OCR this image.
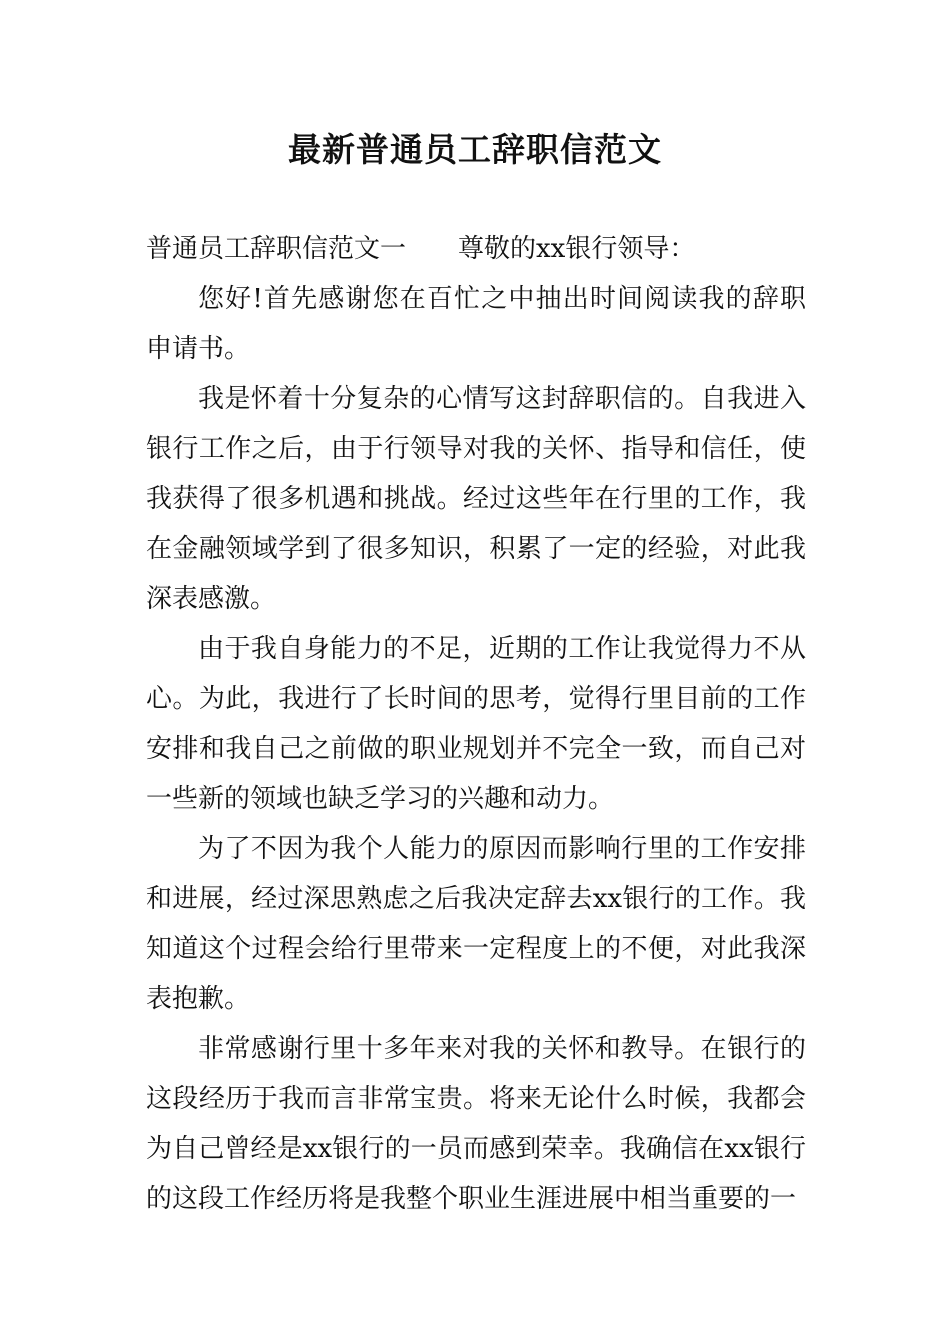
最新普通员工辞职信范文

普通员工辞职信范文一 尊敬的xx银行领导：

您好!首先感谢您在百忙之中抽出时间阅读我的辞职申请书。

我是怀着十分复杂的心情写这封辞职信的。自我进入银行工作之后，由于行领导对我的关怀、指导和信任，使我获得了很多机遇和挑战。经过这些年在行里的工作，我在金融领域学到了很多知识，积累了一定的经验，对此我深表感激。

由于我自身能力的不足，近期的工作让我觉得力不从心。为此，我进行了长时间的思考，觉得行里目前的工作安排和我自己之前做的职业规划并不完全一致，而自己对一些新的领域也缺乏学习的兴趣和动力。

为了不因为我个人能力的原因而影响行里的工作安排和进展，经过深思熟虑之后我决定辞去xx银行的工作。我知道这个过程会给行里带来一定程度上的不便，对此我深表抱歉。

非常感谢行里十多年来对我的关怀和教导。在银行的这段经历于我而言非常宝贵。将来无论什么时候，我都会为自己曾经是xx银行的一员而感到荣幸。我确信在xx银行的这段工作经历将是我整个职业生涯进展中相当重要的一
